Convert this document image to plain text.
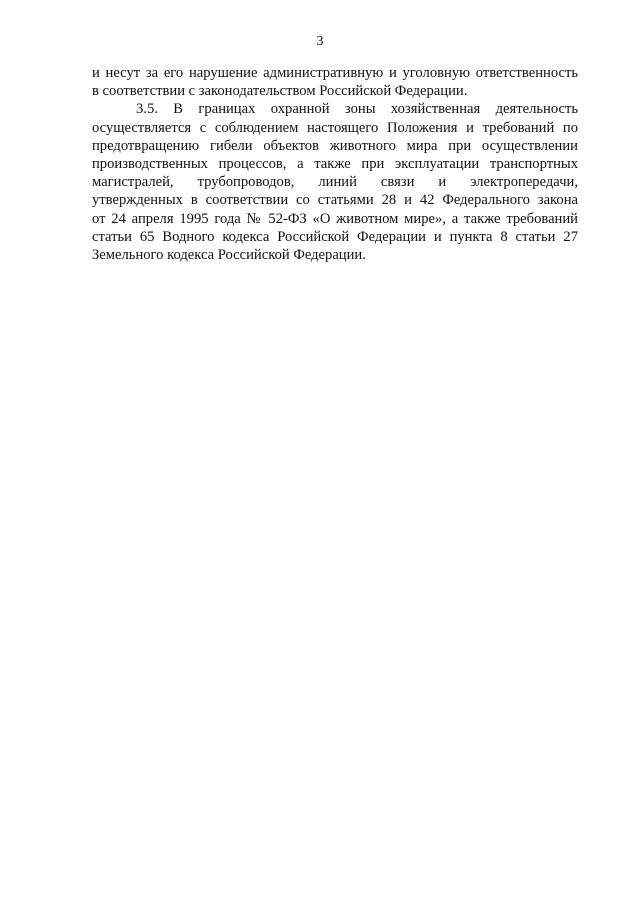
3
и несут за его нарушение административную и уголовную ответственность
в соответствии с законодательством Российской Федерации.
3.5. В границах охранной зоны хозяйственная деятельность
осуществляется с соблюдением настоящего Положения и требований по
предотвращению гибели объектов животного мира при осуществлении
производственных процессов, а также при эксплуатации транспортных
магистралей, трубопроводов, линий связи и электропередачи,
утвержденных в соответствии со статьями 28 и 42 Федерального закона
от 24 апреля 1995 года № 52-ФЗ «О животном мире», а также требований
статьи 65 Водного кодекса Российской Федерации и пункта 8 статьи 27
Земельного кодекса Российской Федерации.
